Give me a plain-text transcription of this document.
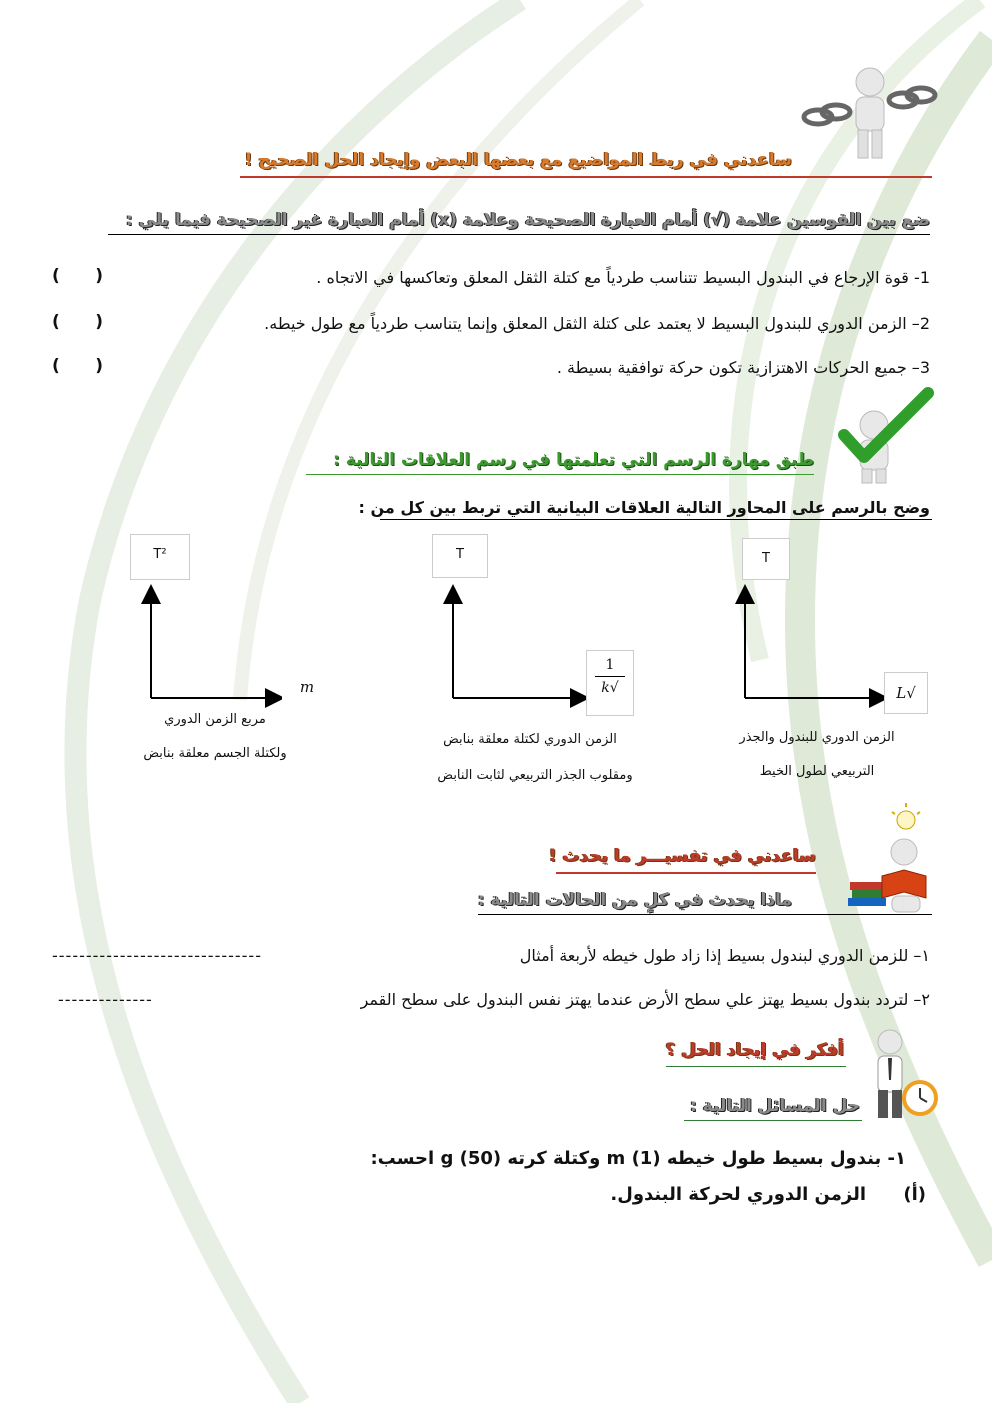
ساعدني في ربط المواضيع مع بعضها البعض وإيجاد الحل الصحيح !
ضع بين القوسين علامة (√) أمام العبارة الصحيحة وعلامة (x) أمام العبارة غير الصحيحة فيما يلي :
1- قوة الإرجاع في البندول البسيط تتناسب طردياً مع كتلة الثقل المعلق وتعاكسها في الاتجاه .
(      )
2– الزمن الدوري للبندول البسيط لا يعتمد على كتلة الثقل المعلق وإنما يتناسب طردياً مع طول خيطه.
(      )
3– جميع الحركات الاهتزازية تكون حركة توافقية بسيطة .
(      )
طبق مهارة الرسم التي تعلمتها في رسم العلاقات التالية :
وضح بالرسم على المحاور التالية العلاقات البيانية التي تربط بين كل من :
T
√L
الزمن الدوري للبندول والجذر
التربيعي لطول الخيط
T
1
√k
الزمن الدوري لكتلة معلقة بنابض
ومقلوب الجذر التربيعي لثابت النابض
T²
m
مربع الزمن الدوري
ولكتلة الجسم معلقة بنابض
ساعدني في تفسيـــر ما يحدث !
ماذا يحدث في كلٍ من الحالات التالية :
١– للزمن الدوري لبندول بسيط إذا زاد طول خيطه لأربعة أمثال
-------------------------------
٢– لتردد بندول بسيط يهتز علي سطح الأرض عندما يهتز نفس البندول على سطح القمر
--------------
أفكر في إيجاد الحل ؟
حل المسائل التالية :
١- بندول بسيط طول خيطه m (1) وكتلة كرته g (50) احسب:
(أ)
الزمن الدوري لحركة البندول.
